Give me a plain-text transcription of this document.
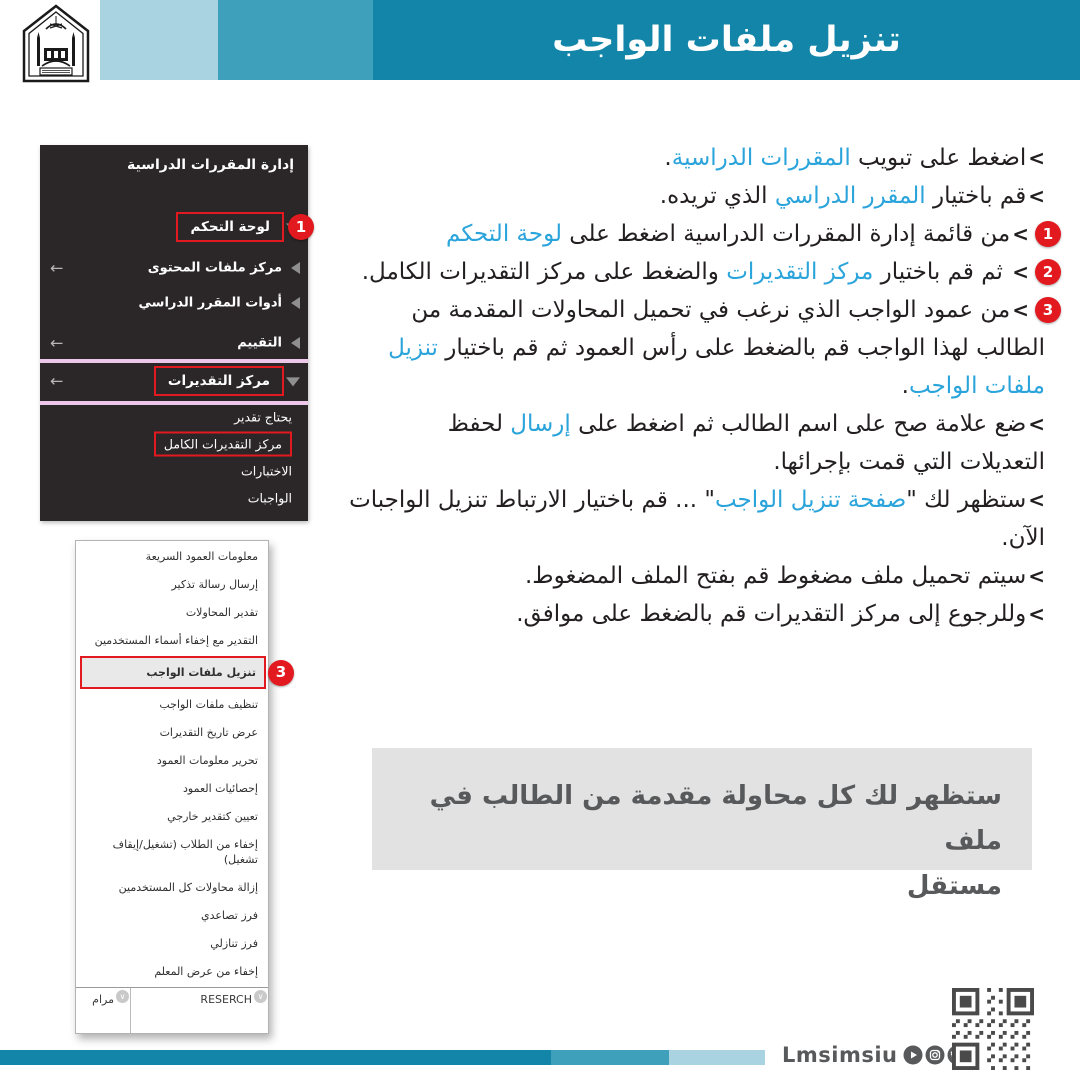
تنزيل ملفات الواجب
إدارة المقررات الدراسية
لوحة التحكم	1
←	مركز ملفات المحتوى
أدوات المقرر الدراسي
←	التقييم
←	مركز التقديرات
يحتاج تقدير
مركز التقديرات الكامل
الاختبارات
الواجبات
معلومات العمود السريعة
إرسال رسالة تذكير
تقدير المحاولات
التقدير مع إخفاء أسماء المستخدمين
تنزيل ملفات الواجب	3
تنظيف ملفات الواجب
عرض تاريخ التقديرات
تحرير معلومات العمود
إحصائيات العمود
تعيين كتقدير خارجي
إخفاء من الطلاب (تشغيل/إيقاف
تشغيل)
إزالة محاولات كل المستخدمين
فرز تصاعدي
فرز تنازلي
إخفاء من عرض المعلم
مرام ∨	RESERCH ∨
<اضغط على تبويب المقررات الدراسية.
<قم باختيار المقرر الدراسي الذي تريده.
1
<من قائمة إدارة المقررات الدراسية اضغط على لوحة التحكم
2
< ثم قم باختيار مركز التقديرات والضغط على مركز التقديرات الكامل.
3
<من عمود الواجب الذي نرغب في تحميل المحاولات المقدمة من
الطالب لهذا الواجب قم بالضغط على رأس العمود ثم قم باختيار تنزيل
ملفات الواجب.
<ضع علامة صح على اسم الطالب ثم اضغط على إرسال لحفظ
التعديلات التي قمت بإجرائها.
<ستظهر لك "صفحة تنزيل الواجب" ... قم باختيار الارتباط تنزيل الواجبات
الآن.
<سيتم تحميل ملف مضغوط قم بفتح الملف المضغوط.
<وللرجوع إلى مركز التقديرات قم بالضغط على موافق.
ستظهر لك كل محاولة مقدمة من الطالب في ملف
مستقل
Lmsimsiu
